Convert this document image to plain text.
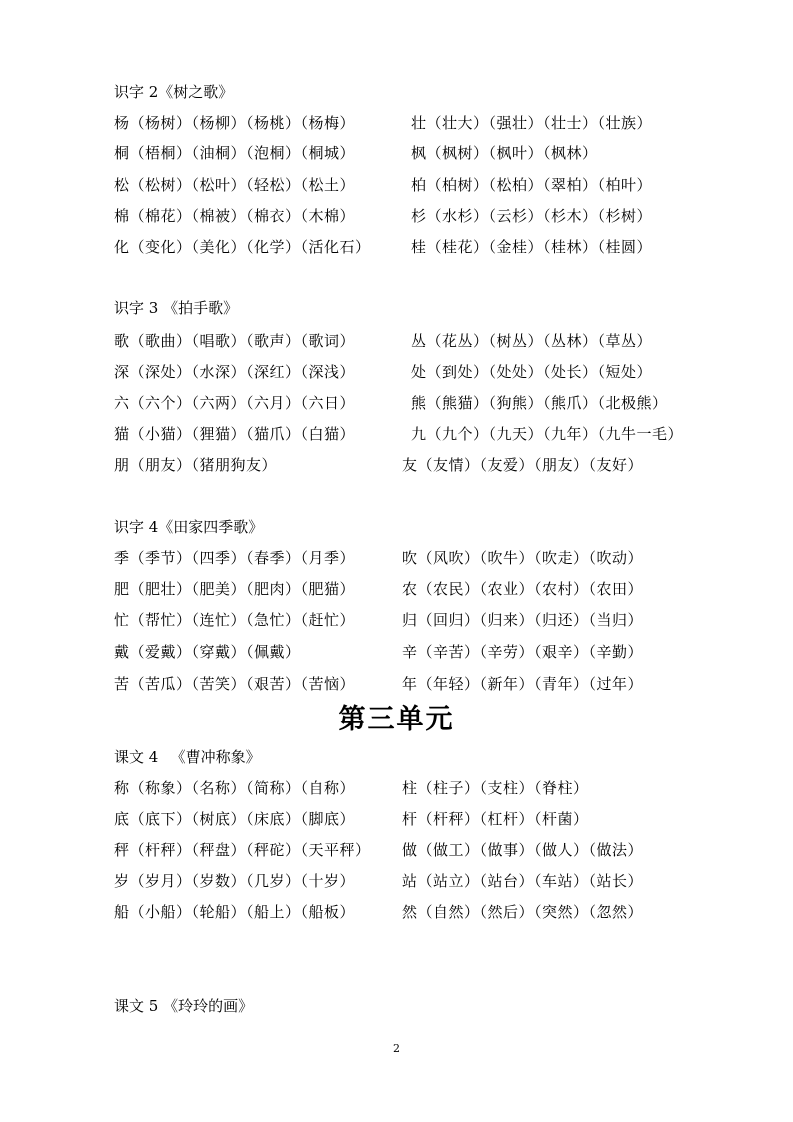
识字 2《树之歌》
杨（杨树）（杨柳）（杨桃）（杨梅）	壮（壮大）（强壮）（壮士）（壮族）
桐（梧桐）（油桐）（泡桐）（桐城）	枫（枫树）（枫叶）（枫林）
松（松树）（松叶）（轻松）（松土）	柏（柏树）（松柏）（翠柏）（柏叶）
棉（棉花）（棉被）（棉衣）（木棉）	杉（水杉）（云杉）（杉木）（杉树）
化（变化）（美化）（化学）（活化石）	桂（桂花）（金桂）（桂林）（桂圆）
识字 3 《拍手歌》
歌（歌曲）（唱歌）（歌声）（歌词）	丛（花丛）（树丛）（丛林）（草丛）
深（深处）（水深）（深红）（深浅）	处（到处）（处处）（处长）（短处）
六（六个）（六两）（六月）（六日）	熊（熊猫）（狗熊）（熊爪）（北极熊）
猫（小猫）（狸猫）（猫爪）（白猫）	九（九个）（九天）（九年）（九牛一毛）
朋（朋友）（猪朋狗友）	友（友情）（友爱）（朋友）（友好）
识字 4《田家四季歌》
季（季节）（四季）（春季）（月季）	吹（风吹）（吹牛）（吹走）（吹动）
肥（肥壮）（肥美）（肥肉）（肥猫）	农（农民）（农业）（农村）（农田）
忙（帮忙）（连忙）（急忙）（赶忙）	归（回归）（归来）（归还）（当归）
戴（爱戴）（穿戴）（佩戴）	辛（辛苦）（辛劳）（艰辛）（辛勤）
苦（苦瓜）（苦笑）（艰苦）（苦恼）	年（年轻）（新年）（青年）（过年）
第三单元
课文 4 　《曹冲称象》
称（称象）（名称）（简称）（自称）	柱（柱子）（支柱）（脊柱）
底（底下）（树底）（床底）（脚底）	杆（杆秤）（杠杆）（杆菌）
秤（杆秤）（秤盘）（秤砣）（天平秤） 做（做工）（做事）（做人）（做法）
岁（岁月）（岁数）（几岁）（十岁）	站（站立）（站台）（车站）（站长）
船（小船）（轮船）（船上）（船板）	然（自然）（然后）（突然）（忽然）
课文 5 《玲玲的画》
2
